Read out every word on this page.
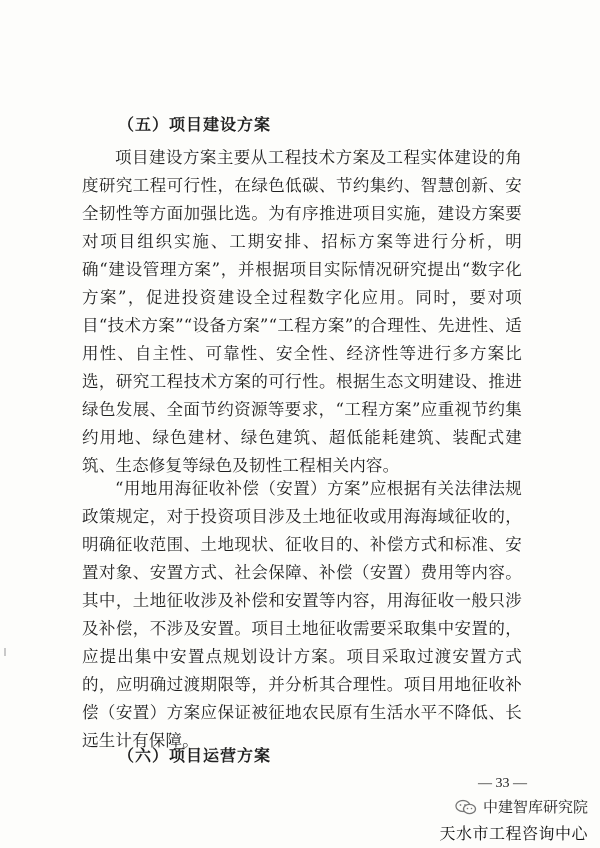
（五）项目建设方案

项目建设方案主要从工程技术方案及工程实体建设的角度研究工程可行性，在绿色低碳、节约集约、智慧创新、安全韧性等方面加强比选。为有序推进项目实施，建设方案要对项目组织实施、工期安排、招标方案等进行分析，明确“建设管理方案”，并根据项目实际情况研究提出“数字化方案”，促进投资建设全过程数字化应用。同时，要对项目“技术方案”“设备方案”“工程方案”的合理性、先进性、适用性、自主性、可靠性、安全性、经济性等进行多方案比选，研究工程技术方案的可行性。根据生态文明建设、推进绿色发展、全面节约资源等要求，“工程方案”应重视节约集约用地、绿色建材、绿色建筑、超低能耗建筑、装配式建筑、生态修复等绿色及韧性工程相关内容。

“用地用海征收补偿（安置）方案”应根据有关法律法规政策规定，对于投资项目涉及土地征收或用海海域征收的，明确征收范围、土地现状、征收目的、补偿方式和标准、安置对象、安置方式、社会保障、补偿（安置）费用等内容。其中，土地征收涉及补偿和安置等内容，用海征收一般只涉及补偿，不涉及安置。项目土地征收需要采取集中安置的，应提出集中安置点规划设计方案。项目采取过渡安置方式的，应明确过渡期限等，并分析其合理性。项目用地征收补偿（安置）方案应保证被征地农民原有生活水平不降低、长远生计有保障。

（六）项目运营方案
— 33 —
中建智库研究院
天水市工程咨询中心
